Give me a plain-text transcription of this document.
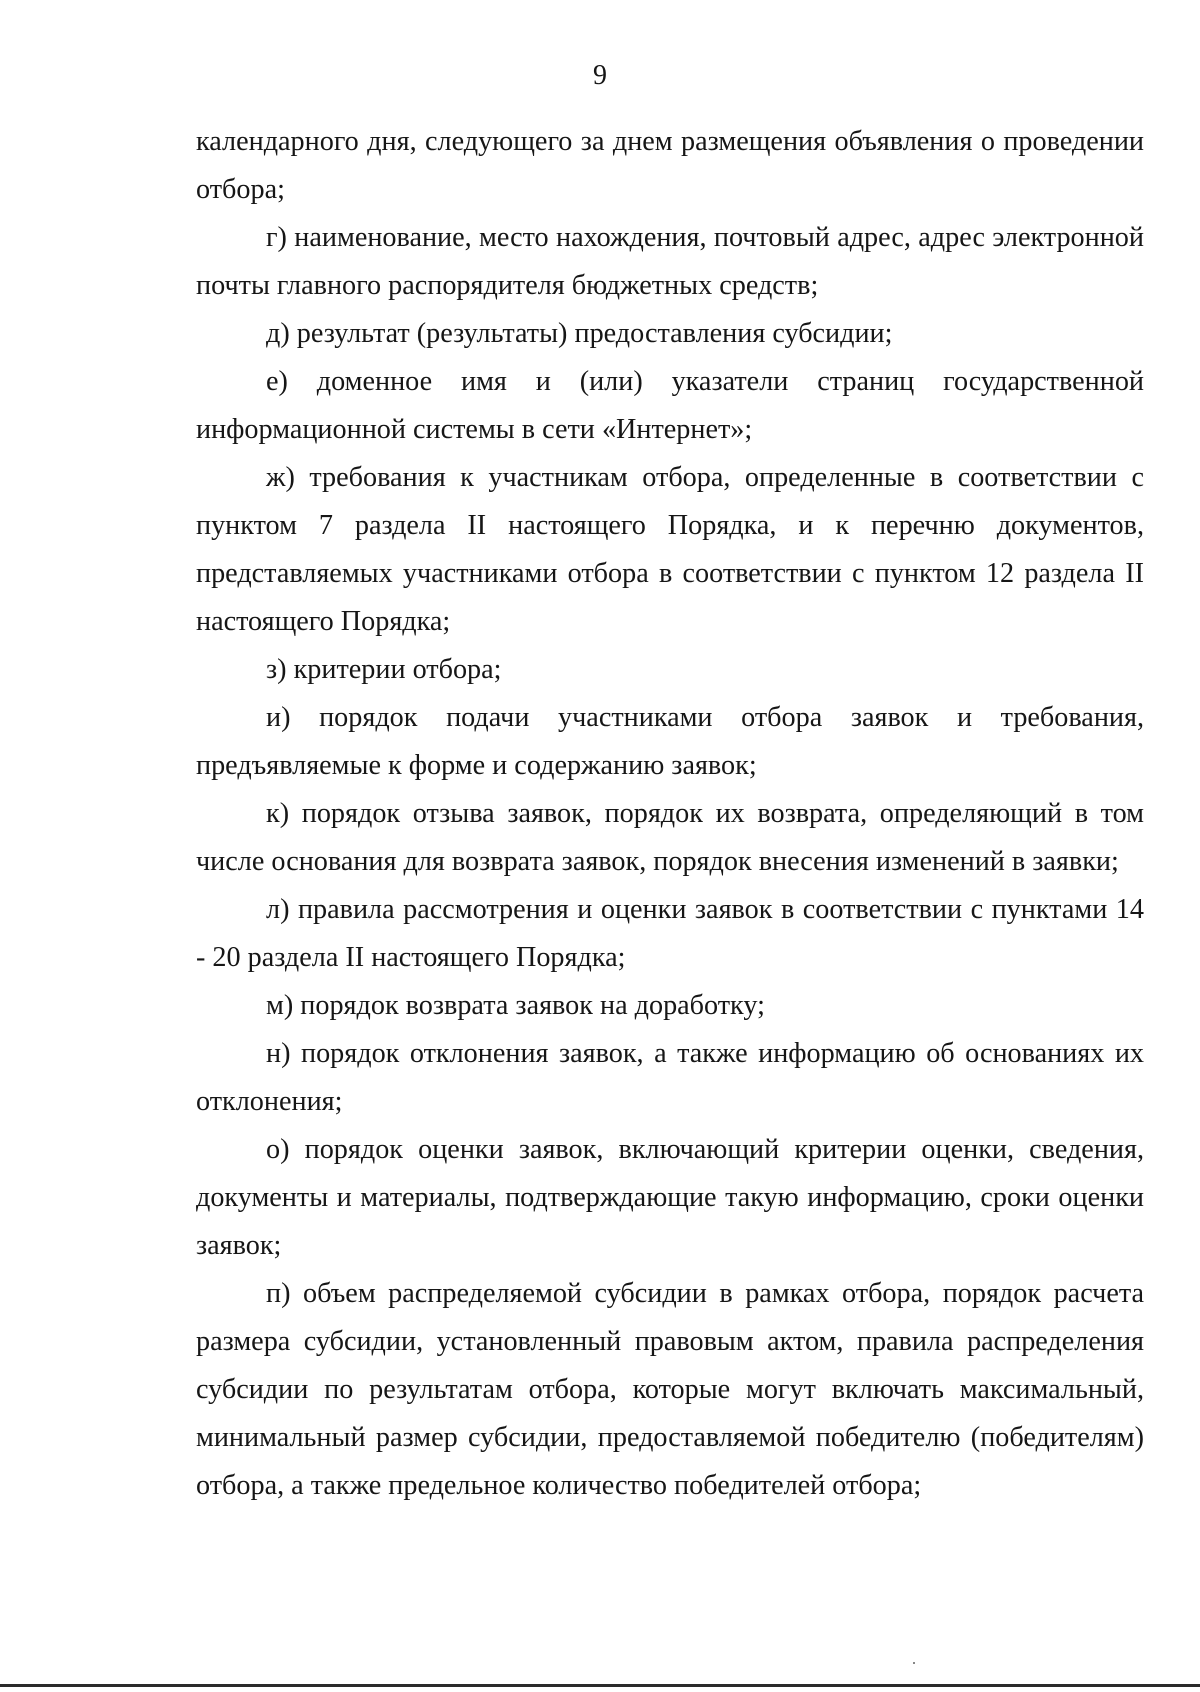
9

календарного дня, следующего за днем размещения объявления о проведении отбора;

г) наименование, место нахождения, почтовый адрес, адрес электронной почты главного распорядителя бюджетных средств;

д) результат (результаты) предоставления субсидии;

е) доменное имя и (или) указатели страниц государственной информационной системы в сети «Интернет»;

ж) требования к участникам отбора, определенные в соответствии с пунктом 7 раздела II настоящего Порядка, и к перечню документов, представляемых участниками отбора в соответствии с пунктом 12 раздела II настоящего Порядка;

з) критерии отбора;

и) порядок подачи участниками отбора заявок и требования, предъявляемые к форме и содержанию заявок;

к) порядок отзыва заявок, порядок их возврата, определяющий в том числе основания для возврата заявок, порядок внесения изменений в заявки;

л) правила рассмотрения и оценки заявок в соответствии с пунктами 14 - 20 раздела II настоящего Порядка;

м) порядок возврата заявок на доработку;

н) порядок отклонения заявок, а также информацию об основаниях их отклонения;

о) порядок оценки заявок, включающий критерии оценки, сведения, документы и материалы, подтверждающие такую информацию, сроки оценки заявок;

п) объем распределяемой субсидии в рамках отбора, порядок расчета размера субсидии, установленный правовым актом, правила распределения субсидии по результатам отбора, которые могут включать максимальный, минимальный размер субсидии, предоставляемой победителю (победителям) отбора, а также предельное количество победителей отбора;
